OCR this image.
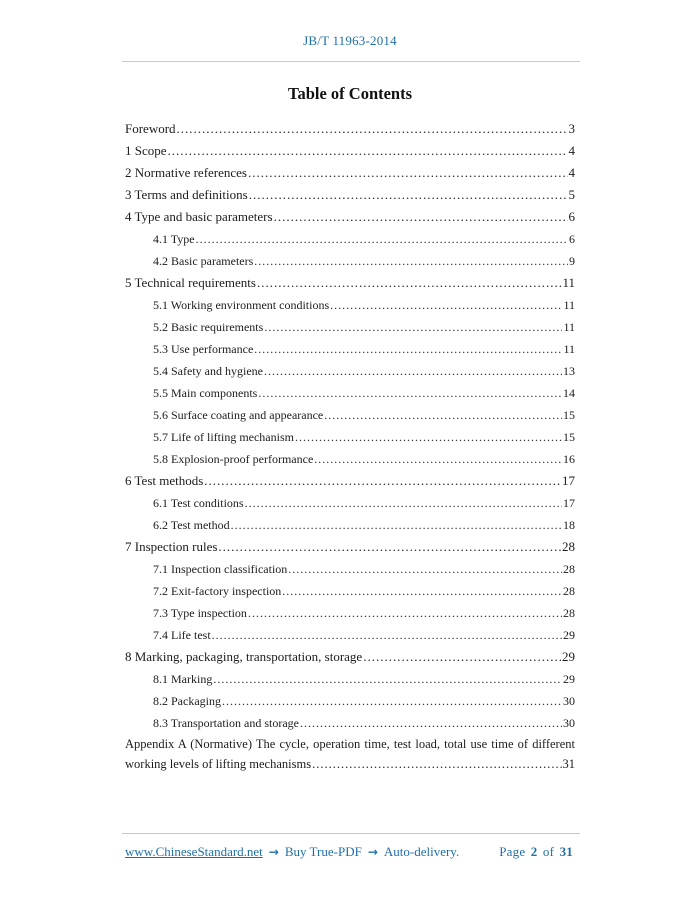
JB/T 11963-2014
Table of Contents
Foreword .....	3
1 Scope .....	4
2 Normative references .....	4
3 Terms and definitions .....	5
4 Type and basic parameters .....	6
4.1 Type .....	6
4.2 Basic parameters .....	9
5 Technical requirements .....	11
5.1 Working environment conditions .....	11
5.2 Basic requirements .....	11
5.3 Use performance .....	11
5.4 Safety and hygiene .....	13
5.5 Main components .....	14
5.6 Surface coating and appearance .....	15
5.7 Life of lifting mechanism .....	15
5.8 Explosion-proof performance .....	16
6 Test methods .....	17
6.1 Test conditions .....	17
6.2 Test method .....	18
7 Inspection rules .....	28
7.1 Inspection classification .....	28
7.2 Exit-factory inspection .....	28
7.3 Type inspection .....	28
7.4 Life test .....	29
8 Marking, packaging, transportation, storage .....	29
8.1 Marking .....	29
8.2 Packaging .....	30
8.3 Transportation and storage .....	30
Appendix A (Normative) The cycle, operation time, test load, total use time of different
working levels of lifting mechanisms .....	31
www.ChineseStandard.net → Buy True-PDF → Auto-delivery.	Page 2 of 31
